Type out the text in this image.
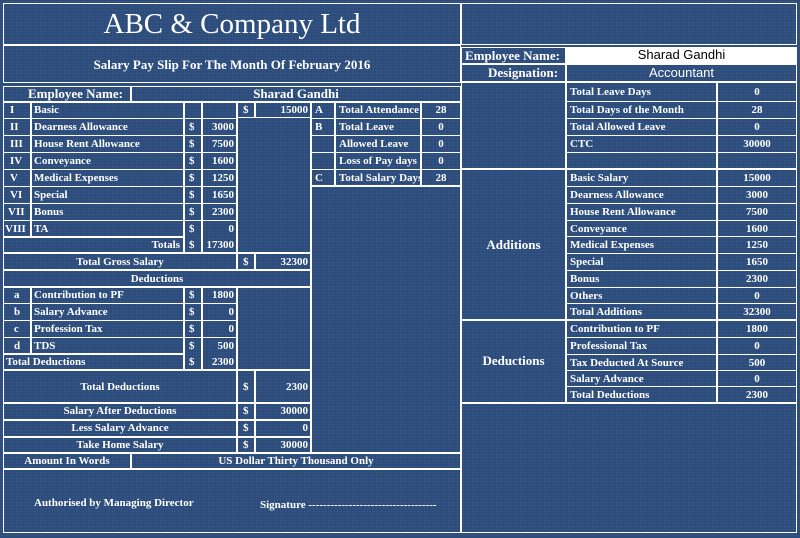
ABC & Company Ltd
Salary Pay Slip For The Month Of February 2016
Employee Name:	Sharad Gandhi
I Basic	$	15000
II Dearness Allowance	$	3000
III House Rent Allowance	$	7500
IV Conveyance	$	1600
V Medical Expenses	$	1250
VI Special	$	1650
VII Bonus	$	2300
VIII TA	$	0
Totals $	17300
A Total Attendance	28
B Total Leave	0
Allowed Leave	0
Loss of Pay days	0
C Total Salary Days	28
Total Gross Salary	$	32300
Deductions
a Contribution to PF	$	1800
b Salary Advance	$	0
c Profession Tax	$	0
d TDS	$	500
Total Deductions	$	2300
Total Deductions	$	2300
Salary After Deductions	$	30000
Less Salary Advance	$	0
Take Home Salary	$	30000
Amount In Words	US Dollar Thirty Thousand Only
Authorised by Managing Director	Signature -----------------------------------
Employee Name:	Sharad Gandhi
Designation:	Accountant
Total Leave Days	0
Total Days of the Month	28
Total Allowed Leave	0
CTC	30000
Additions
Basic Salary	15000
Dearness Allowance	3000
House Rent Allowance	7500
Conveyance	1600
Medical Expenses	1250
Special	1650
Bonus	2300
Others	0
Total Additions	32300
Deductions
Contribution to PF	1800
Professional Tax	0
Tax Deducted At Source	500
Salary Advance	0
Total Deductions	2300
